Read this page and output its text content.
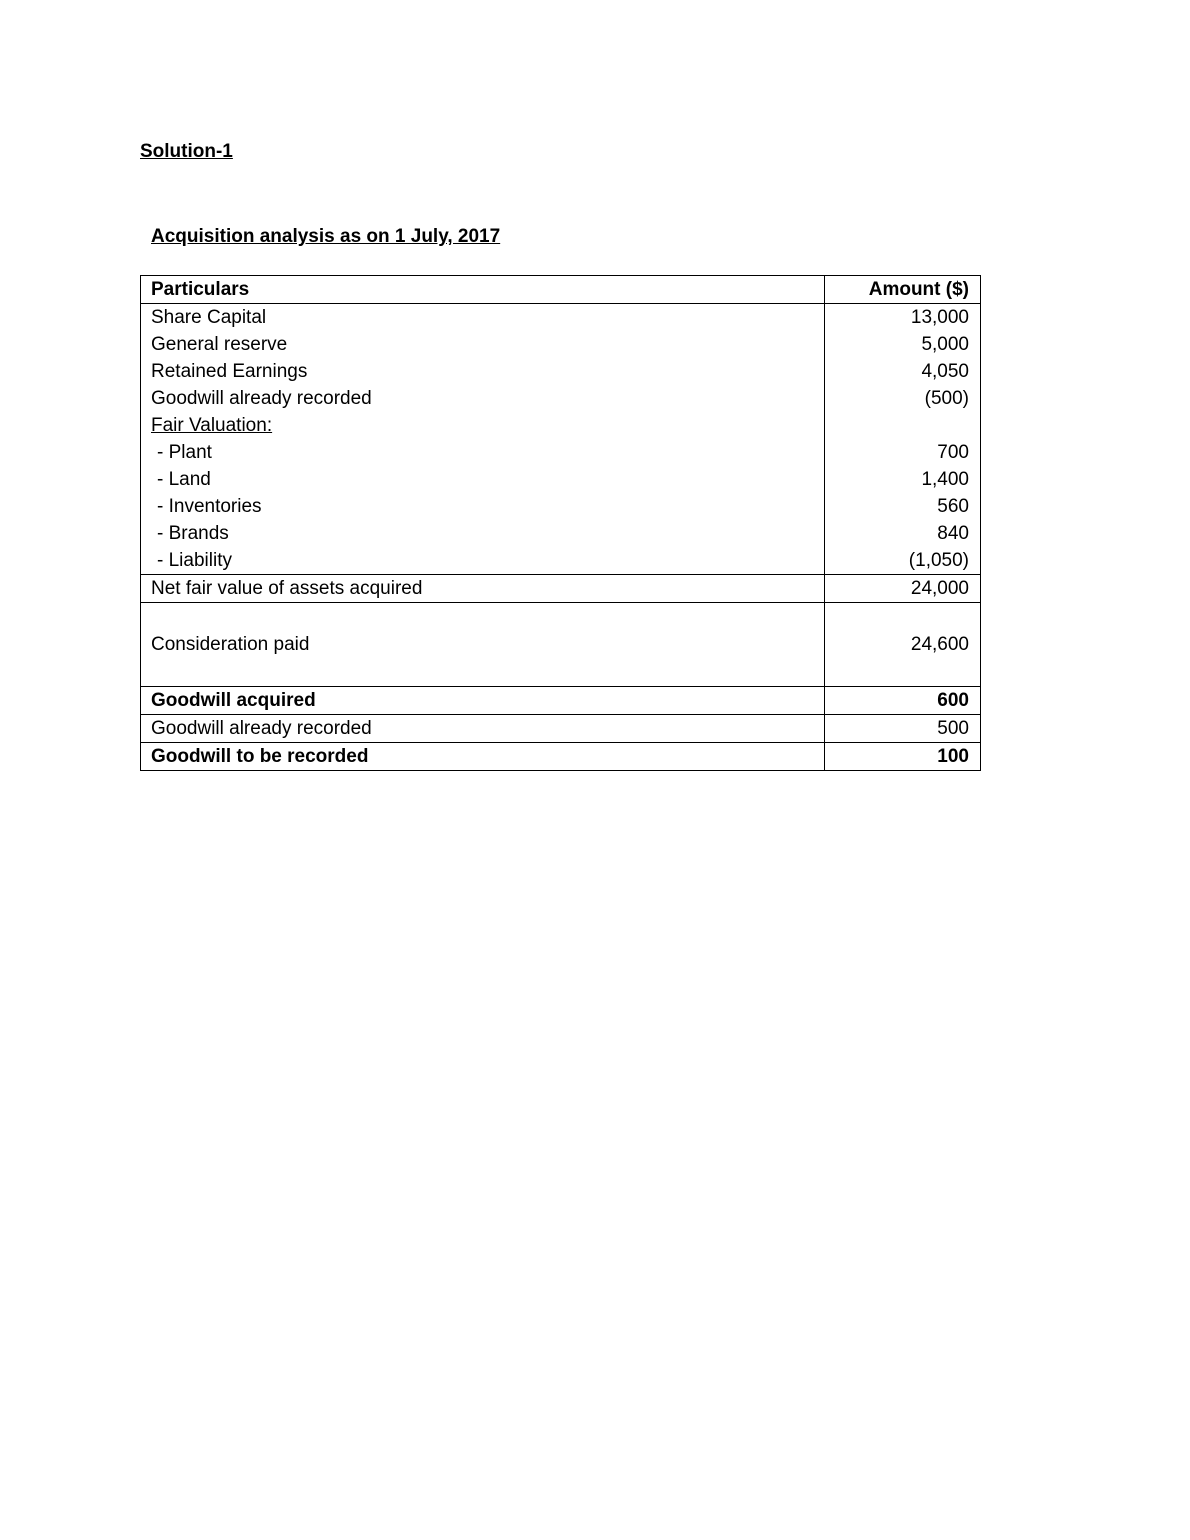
Solution-1
Acquisition analysis as on 1 July, 2017
Particulars	Amount ($)
Share Capital	13,000
General reserve	5,000
Retained Earnings	4,050
Goodwill already recorded	(500)
Fair Valuation:	
- Plant	700
- Land	1,400
- Inventories	560
- Brands	840
- Liability	(1,050)
Net fair value of assets acquired	24,000
Consideration paid	24,600
Goodwill acquired	600
Goodwill already recorded	500
Goodwill to be recorded	100
